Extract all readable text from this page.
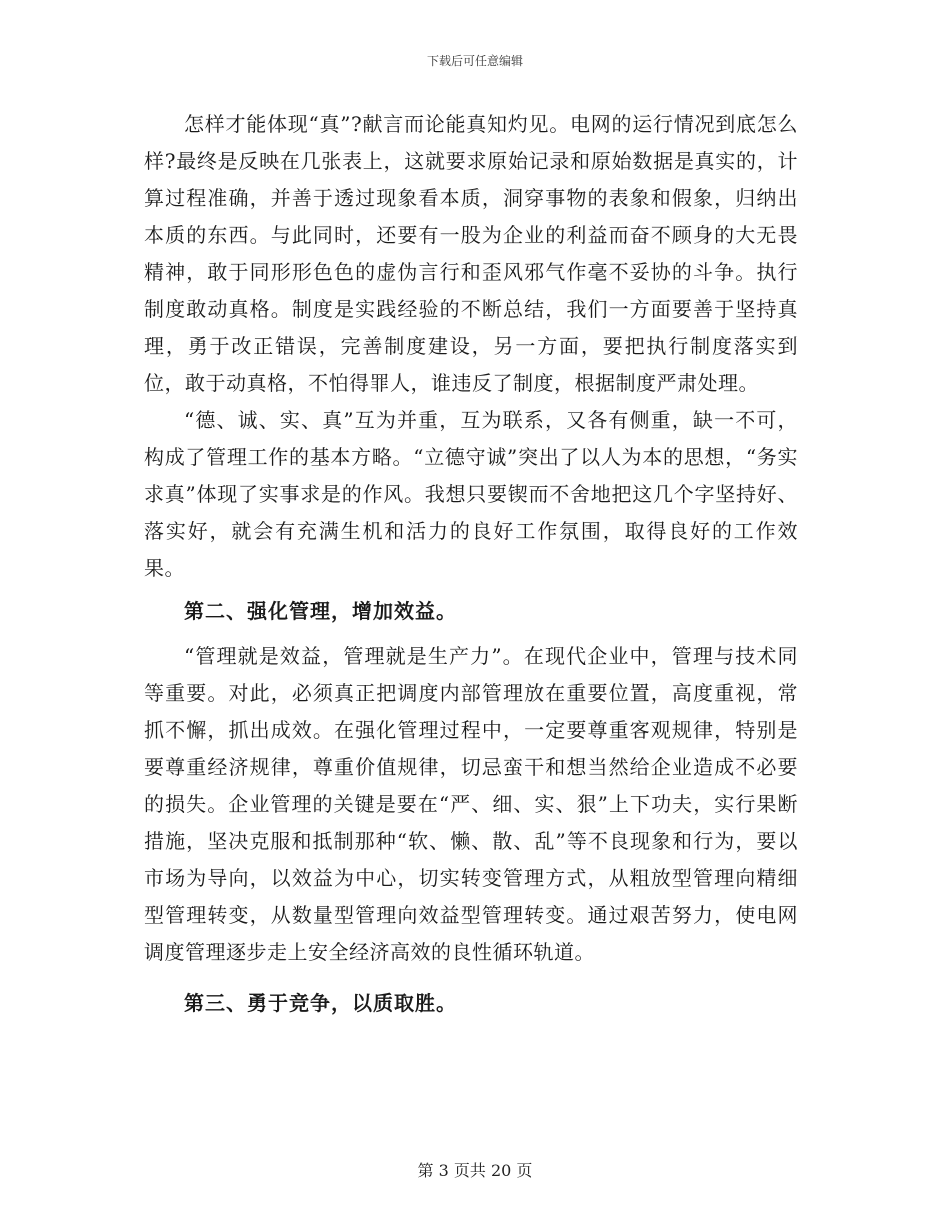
下载后可任意编辑

怎样才能体现“真”?献言而论能真知灼见。电网的运行情况到底怎么样?最终是反映在几张表上，这就要求原始记录和原始数据是真实的，计算过程准确，并善于透过现象看本质，洞穿事物的表象和假象，归纳出本质的东西。与此同时，还要有一股为企业的利益而奋不顾身的大无畏精神，敢于同形形色色的虚伪言行和歪风邪气作毫不妥协的斗争。执行制度敢动真格。制度是实践经验的不断总结，我们一方面要善于坚持真理，勇于改正错误，完善制度建设，另一方面，要把执行制度落实到位，敢于动真格，不怕得罪人，谁违反了制度，根据制度严肃处理。

“德、诚、实、真”互为并重，互为联系，又各有侧重，缺一不可，构成了管理工作的基本方略。“立德守诚”突出了以人为本的思想，“务实求真”体现了实事求是的作风。我想只要锲而不舍地把这几个字坚持好、落实好，就会有充满生机和活力的良好工作氛围，取得良好的工作效果。

第二、强化管理，增加效益。

“管理就是效益，管理就是生产力”。在现代企业中，管理与技术同等重要。对此，必须真正把调度内部管理放在重要位置，高度重视，常抓不懈，抓出成效。在强化管理过程中，一定要尊重客观规律，特别是要尊重经济规律，尊重价值规律，切忌蛮干和想当然给企业造成不必要的损失。企业管理的关键是要在“严、细、实、狠”上下功夫，实行果断措施，坚决克服和抵制那种“软、懒、散、乱”等不良现象和行为，要以市场为导向，以效益为中心，切实转变管理方式，从粗放型管理向精细型管理转变，从数量型管理向效益型管理转变。通过艰苦努力，使电网调度管理逐步走上安全经济高效的良性循环轨道。

第三、勇于竞争，以质取胜。

第 3 页共 20 页
